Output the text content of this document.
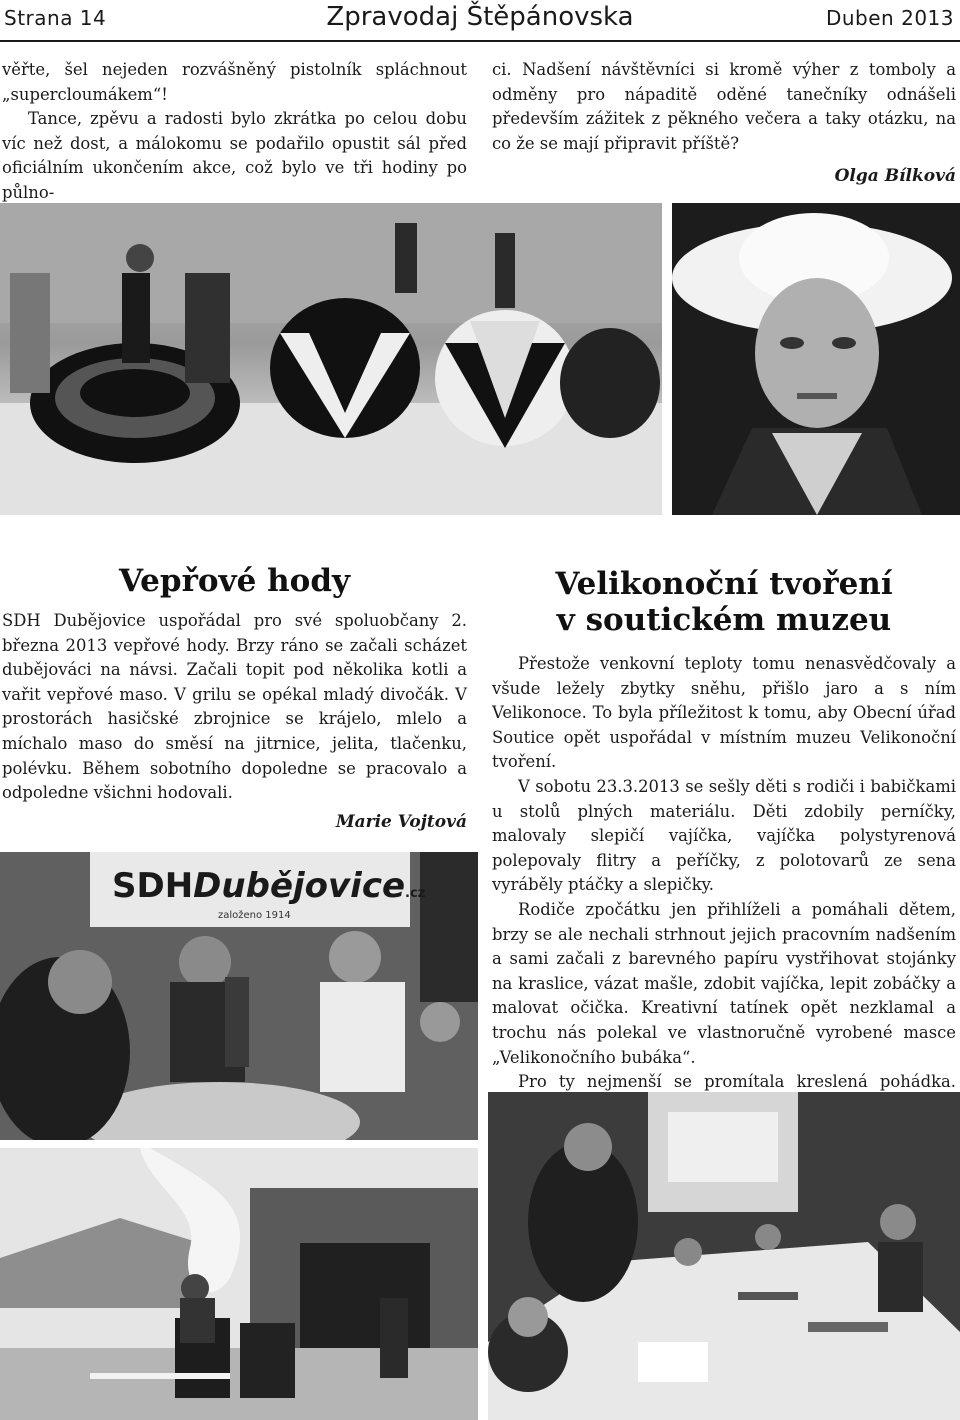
Strana 14	Zpravodaj Štěpánovska	Duben 2013

věřte, šel nejeden rozvášněný pistolník spláchnout „supercloumákem“!

Tance, zpěvu a radosti bylo zkrátka po celou dobu víc než dost, a málokomu se podařilo opustit sál před oficiálním ukončením akce, což bylo ve tři hodiny po půlno-

ci. Nadšení návštěvníci si kromě výher z tomboly a odměny pro nápaditě oděné tanečníky odnášeli především zážitek z pěkného večera a taky otázku, na co že se mají připravit příště?

Olga Bílková

Vepřové hody

SDH Dubějovice uspořádal pro své spoluobčany 2. března 2013 vepřové hody. Brzy ráno se začali scházet dubějováci na návsi. Začali topit pod několika kotli a vařit vepřové maso. V grilu se opékal mladý divočák. V prostorách hasičské zbrojnice se krájelo, mlelo a míchalo maso do směsí na jitrnice, jelita, tlačenku, polévku. Během sobotního dopoledne se pracovalo a odpoledne všichni hodovali.

Marie Vojtová

SDHDubějovice.cz
založeno 1914
Velikonoční tvoření
v soutickém muzeu

Přestože venkovní teploty tomu nenasvědčovaly a všude ležely zbytky sněhu, přišlo jaro a s ním Velikonoce. To byla příležitost k tomu, aby Obecní úřad Soutice opět uspořádal v místním muzeu Velikonoční tvoření.

V sobotu 23.3.2013 se sešly děti s rodiči i babičkami u stolů plných materiálu. Děti zdobily perníčky, malovaly slepičí vajíčka, vajíčka polystyrenová polepovaly flitry a peříčky, z polotovarů ze sena vyráběly ptáčky a slepičky.

Rodiče zpočátku jen přihlíželi a pomáhali dětem, brzy se ale nechali strhnout jejich pracovním nadšením a sami začali z barevného papíru vystřihovat stojánky na kraslice, vázat mašle, zdobit vajíčka, lepit zobáčky a malovat očička. Kreativní tatínek opět nezklamal a trochu nás polekal ve vlastnoručně vyrobené masce „Velikonočního bubáka“.

Pro ty nejmenší se promítala kreslená pohádka.
